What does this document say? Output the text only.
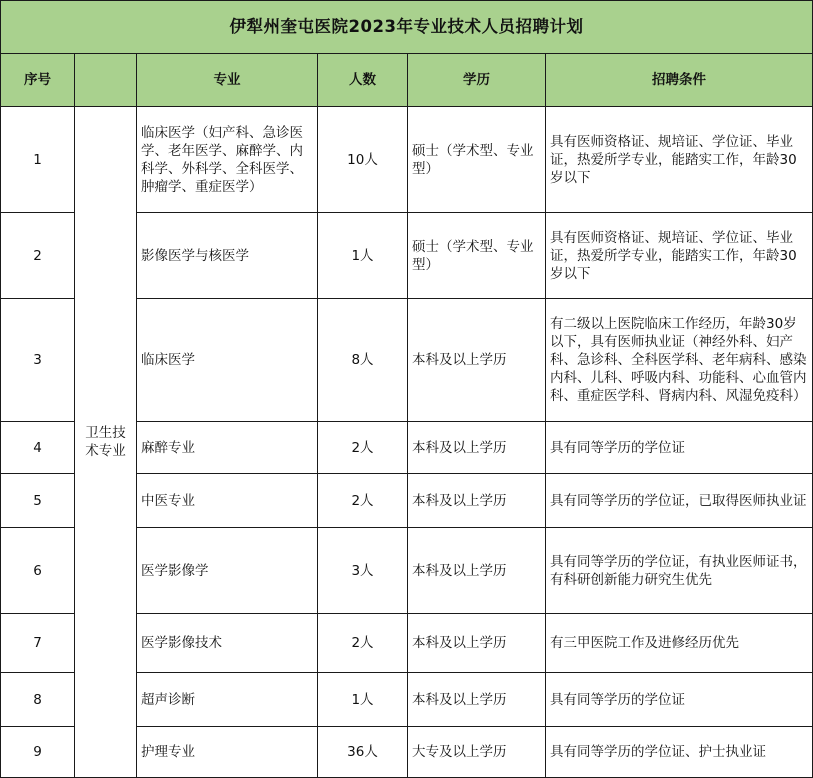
伊犁州奎屯医院2023年专业技术人员招聘计划					
序号		专业	人数	学历	招聘条件
1	卫生技术专业	临床医学（妇产科、急诊医学、老年医学、麻醉学、内科学、外科学、全科医学、肿瘤学、重症医学）	10人	硕士（学术型、专业型）	具有医师资格证、规培证、学位证、毕业证，热爱所学专业，能踏实工作，年龄30岁以下
2		影像医学与核医学	1人	硕士（学术型、专业型）	具有医师资格证、规培证、学位证、毕业证，热爱所学专业，能踏实工作，年龄30岁以下
3		临床医学	8人	本科及以上学历	有二级以上医院临床工作经历，年龄30岁以下，具有医师执业证（神经外科、妇产科、急诊科、全科医学科、老年病科、感染内科、儿科、呼吸内科、功能科、心血管内科、重症医学科、肾病内科、风湿免疫科）
4		麻醉专业	2人	本科及以上学历	具有同等学历的学位证
5		中医专业	2人	本科及以上学历	具有同等学历的学位证，已取得医师执业证
6		医学影像学	3人	本科及以上学历	具有同等学历的学位证，有执业医师证书，有科研创新能力研究生优先
7		医学影像技术	2人	本科及以上学历	有三甲医院工作及进修经历优先
8		超声诊断	1人	本科及以上学历	具有同等学历的学位证
9		护理专业	36人	大专及以上学历	具有同等学历的学位证、护士执业证
